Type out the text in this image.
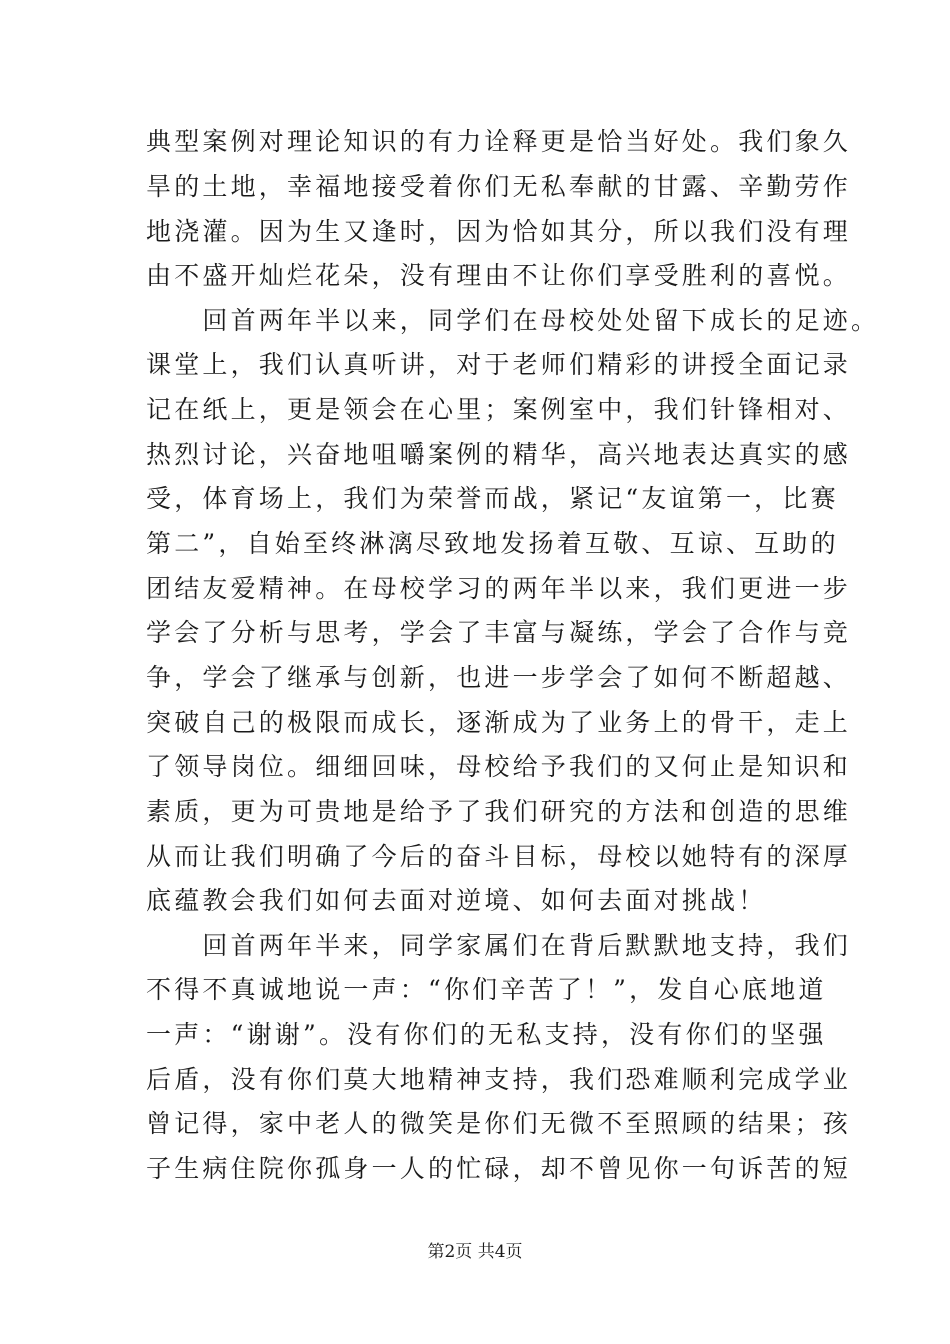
典型案例对理论知识的有力诠释更是恰当好处。我们象久
旱的土地，幸福地接受着你们无私奉献的甘露、辛勤劳作
地浇灌。因为生又逢时，因为恰如其分，所以我们没有理
由不盛开灿烂花朵，没有理由不让你们享受胜利的喜悦。
　　回首两年半以来，同学们在母校处处留下成长的足迹。
课堂上，我们认真听讲，对于老师们精彩的讲授全面记录
记在纸上，更是领会在心里；案例室中，我们针锋相对、
热烈讨论，兴奋地咀嚼案例的精华，高兴地表达真实的感
受，体育场上，我们为荣誉而战，紧记“友谊第一，比赛
第二”，自始至终淋漓尽致地发扬着互敬、互谅、互助的
团结友爱精神。在母校学习的两年半以来，我们更进一步
学会了分析与思考，学会了丰富与凝练，学会了合作与竞
争，学会了继承与创新，也进一步学会了如何不断超越、
突破自己的极限而成长，逐渐成为了业务上的骨干，走上
了领导岗位。细细回味，母校给予我们的又何止是知识和
素质，更为可贵地是给予了我们研究的方法和创造的思维
从而让我们明确了今后的奋斗目标，母校以她特有的深厚
底蕴教会我们如何去面对逆境、如何去面对挑战！
　　回首两年半来，同学家属们在背后默默地支持，我们
不得不真诚地说一声：“你们辛苦了！”，发自心底地道
一声：“谢谢”。没有你们的无私支持，没有你们的坚强
后盾，没有你们莫大地精神支持，我们恐难顺利完成学业
曾记得，家中老人的微笑是你们无微不至照顾的结果；孩
子生病住院你孤身一人的忙碌，却不曾见你一句诉苦的短
第2页 共4页
